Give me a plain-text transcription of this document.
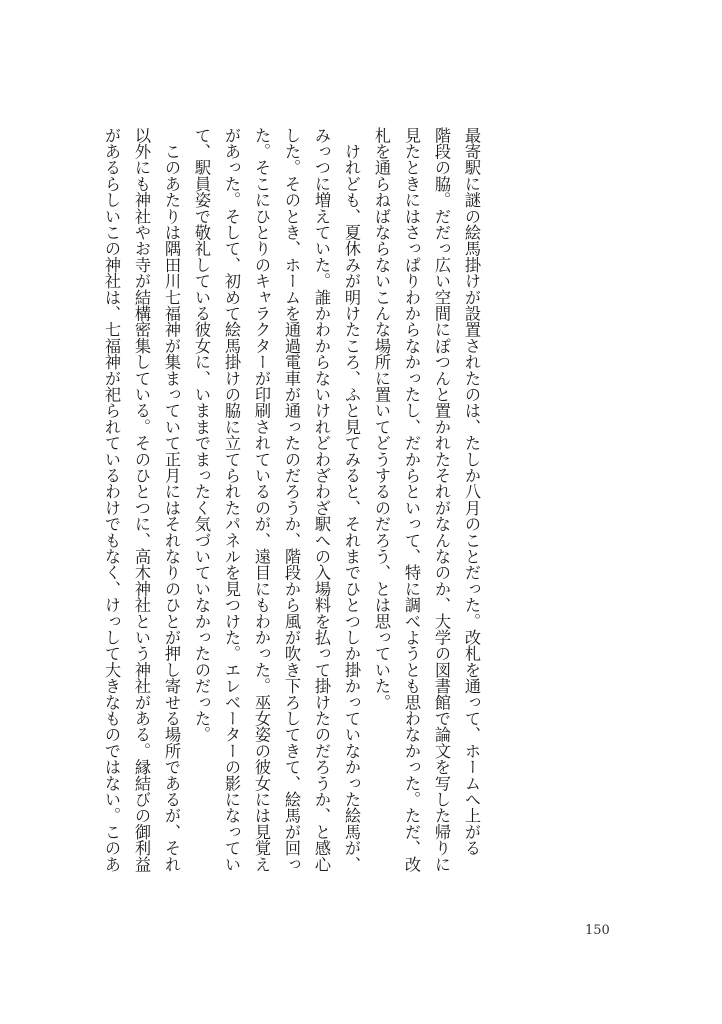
最寄駅に謎の絵馬掛けが設置されたのは、たしか八月のことだった。改札を通って、ホームへ上がる

階段の脇。だだっ広い空間にぽつんと置かれたそれがなんなのか、大学の図書館で論文を写した帰りに

見たときにはさっぱりわからなかったし、だからといって、特に調べようとも思わなかった。ただ、改

札を通らねばならないこんな場所に置いてどうするのだろう、とは思っていた。

　けれども、夏休みが明けたころ、ふと見てみると、それまでひとつしか掛かっていなかった絵馬が、

みっつに増えていた。誰かわからないけれどわざわざ駅への入場料を払って掛けたのだろうか、と感心

した。そのとき、ホームを通過電車が通ったのだろうか、階段から風が吹き下ろしてきて、絵馬が回っ

た。そこにひとりのキャラクターが印刷されているのが、遠目にもわかった。巫女姿の彼女には見覚え

があった。そして、初めて絵馬掛けの脇に立てられたパネルを見つけた。エレベーターの影になってい

て、駅員姿で敬礼している彼女に、いままでまったく気づいていなかったのだった。

　このあたりは隅田川七福神が集まっていて正月にはそれなりのひとが押し寄せる場所であるが、それ

以外にも神社やお寺が結構密集している。そのひとつに、高木神社という神社がある。縁結びの御利益

があるらしいこの神社は、七福神が祀られているわけでもなく、けっして大きなものではない。このあ

150
